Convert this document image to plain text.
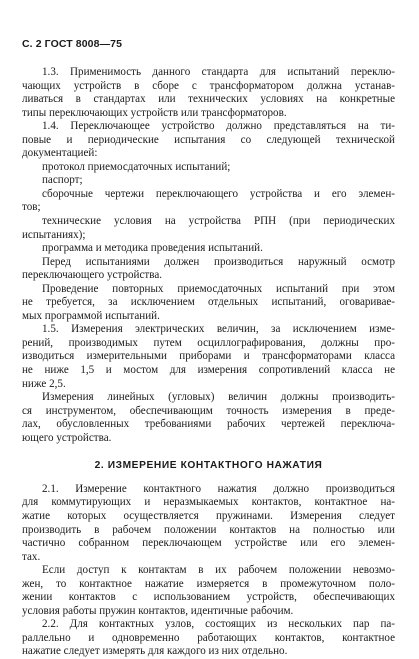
С. 2 ГОСТ 8008—75

1.3. Применимость данного стандарта для испытаний переклю-

чающих устройств в сборе с трансформатором должна устанав-

ливаться в стандартах или технических условиях на конкретные

типы переключающих устройств или трансформаторов.

1.4. Переключающее устройство должно представляться на ти-

повые и периодические испытания со следующей технической

документацией:

протокол приемосдаточных испытаний;

паспорт;

сборочные чертежи переключающего устройства и его элемен-

тов;

технические условия на устройства РПН (при периодических

испытаниях);

программа и методика проведения испытаний.

Перед испытаниями должен производиться наружный осмотр

переключающего устройства.

Проведение повторных приемосдаточных испытаний при этом

не требуется, за исключением отдельных испытаний, оговаривае-

мых программой испытаний.

1.5. Измерения электрических величин, за исключением изме-

рений, производимых путем осциллографирования, должны про-

изводиться измерительными приборами и трансформаторами класса

не ниже 1,5 и мостом для измерения сопротивлений класса не

ниже 2,5.

Измерения линейных (угловых) величин должны производить-

ся инструментом, обеспечивающим точность измерения в преде-

лах, обусловленных требованиями рабочих чертежей переключа-

ющего устройства.

2. ИЗМЕРЕНИЕ КОНТАКТНОГО НАЖАТИЯ

2.1. Измерение контактного нажатия должно производиться

для коммутирующих и неразмыкаемых контактов, контактное на-

жатие которых осуществляется пружинами. Измерения следует

производить в рабочем положении контактов на полностью или

частично собранном переключающем устройстве или его элемен-

тах.

Если доступ к контактам в их рабочем положении невозмо-

жен, то контактное нажатие измеряется в промежуточном поло-

жении контактов с использованием устройств, обеспечивающих

условия работы пружин контактов, идентичные рабочим.

2.2. Для контактных узлов, состоящих из нескольких пар па-

раллельно и одновременно работающих контактов, контактное

нажатие следует измерять для каждого из них отдельно.
